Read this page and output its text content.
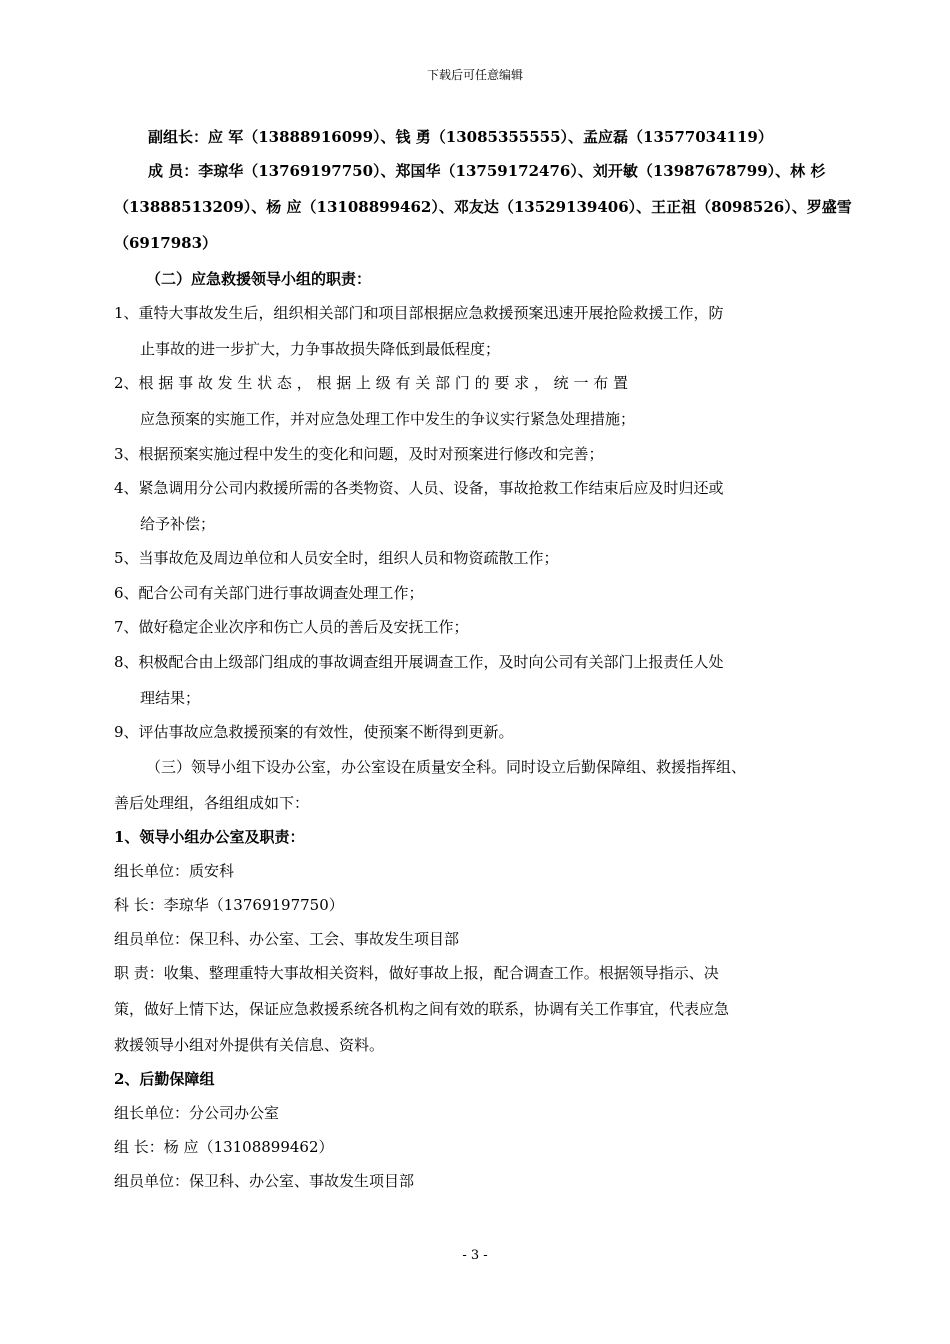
下载后可任意编辑
副组长：应 军（13888916099）、钱 勇（13085355555）、孟应磊（13577034119）
成 员：李琼华（13769197750）、郑国华（13759172476）、刘开敏（13987678799）、林 杉
（13888513209）、杨 应（13108899462）、邓友达（13529139406）、王正祖（8098526）、罗盛雪
（6917983）
（二）应急救援领导小组的职责：
1、重特大事故发生后，组织相关部门和项目部根据应急救援预案迅速开展抢险救援工作，防
止事故的进一步扩大，力争事故损失降低到最低程度；
2、根 据 事 故 发 生 状 态 ， 根 据 上 级 有 关 部 门 的 要 求 ， 统 一 布 置
应急预案的实施工作，并对应急处理工作中发生的争议实行紧急处理措施；
3、根据预案实施过程中发生的变化和问题，及时对预案进行修改和完善；
4、紧急调用分公司内救援所需的各类物资、人员、设备，事故抢救工作结束后应及时归还或
给予补偿；
5、当事故危及周边单位和人员安全时，组织人员和物资疏散工作；
6、配合公司有关部门进行事故调查处理工作；
7、做好稳定企业次序和伤亡人员的善后及安抚工作；
8、积极配合由上级部门组成的事故调查组开展调查工作，及时向公司有关部门上报责任人处
理结果；
9、评估事故应急救援预案的有效性，使预案不断得到更新。
（三）领导小组下设办公室，办公室设在质量安全科。同时设立后勤保障组、救援指挥组、
善后处理组，各组组成如下：
1、领导小组办公室及职责：
组长单位：质安科
科 长：李琼华（13769197750）
组员单位：保卫科、办公室、工会、事故发生项目部
职 责：收集、整理重特大事故相关资料，做好事故上报，配合调查工作。根据领导指示、决
策，做好上情下达，保证应急救援系统各机构之间有效的联系，协调有关工作事宜，代表应急
救援领导小组对外提供有关信息、资料。
2、后勤保障组
组长单位：分公司办公室
组 长：杨 应（13108899462）
组员单位：保卫科、办公室、事故发生项目部
- 3 -
